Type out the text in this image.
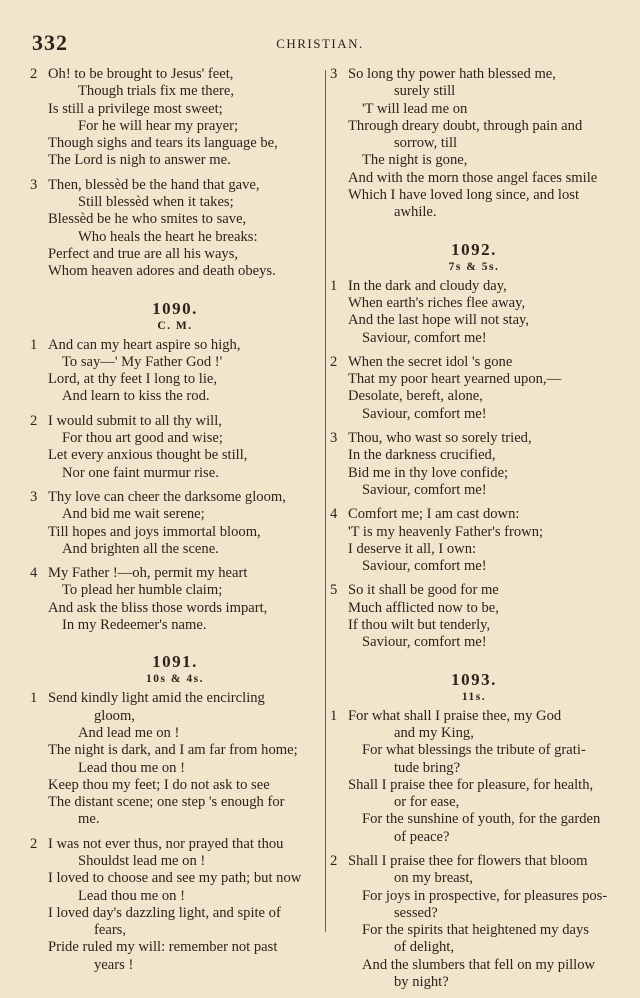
332	CHRISTIAN.
2 Oh! to be brought to Jesus' feet,
Though trials fix me there,
Is still a privilege most sweet;
For he will hear my prayer;
Though sighs and tears its language be,
The Lord is nigh to answer me.
3 Then, blessèd be the hand that gave,
Still blessèd when it takes;
Blessèd be he who smites to save,
Who heals the heart he breaks:
Perfect and true are all his ways,
Whom heaven adores and death obeys.
1090.
C. M.
1 And can my heart aspire so high,
To say—' My Father God !'
Lord, at thy feet I long to lie,
And learn to kiss the rod.
2 I would submit to all thy will,
For thou art good and wise;
Let every anxious thought be still,
Nor one faint murmur rise.
3 Thy love can cheer the darksome gloom,
And bid me wait serene;
Till hopes and joys immortal bloom,
And brighten all the scene.
4 My Father !—oh, permit my heart
To plead her humble claim;
And ask the bliss those words impart,
In my Redeemer's name.
1091.
10s & 4s.
1 Send kindly light amid the encircling
gloom,
And lead me on !
The night is dark, and I am far from home;
Lead thou me on !
Keep thou my feet; I do not ask to see
The distant scene; one step 's enough for
me.
2 I was not ever thus, nor prayed that thou
Shouldst lead me on !
I loved to choose and see my path; but now
Lead thou me on !
I loved day's dazzling light, and spite of
fears,
Pride ruled my will: remember not past
years !
3 So long thy power hath blessed me,
surely still
'T will lead me on
Through dreary doubt, through pain and
sorrow, till
The night is gone,
And with the morn those angel faces smile
Which I have loved long since, and lost
awhile.
1092.
7s & 5s.
1 In the dark and cloudy day,
When earth's riches flee away,
And the last hope will not stay,
Saviour, comfort me!
2 When the secret idol 's gone
That my poor heart yearned upon,—
Desolate, bereft, alone,
Saviour, comfort me!
3 Thou, who wast so sorely tried,
In the darkness crucified,
Bid me in thy love confide;
Saviour, comfort me!
4 Comfort me; I am cast down:
'T is my heavenly Father's frown;
I deserve it all, I own:
Saviour, comfort me!
5 So it shall be good for me
Much afflicted now to be,
If thou wilt but tenderly,
Saviour, comfort me!
1093.
11s.
1 For what shall I praise thee, my God
and my King,
For what blessings the tribute of grati-
tude bring?
Shall I praise thee for pleasure, for health,
or for ease,
For the sunshine of youth, for the garden
of peace?
2 Shall I praise thee for flowers that bloom
on my breast,
For joys in prospective, for pleasures pos-
sessed?
For the spirits that heightened my days
of delight,
And the slumbers that fell on my pillow
by night?
